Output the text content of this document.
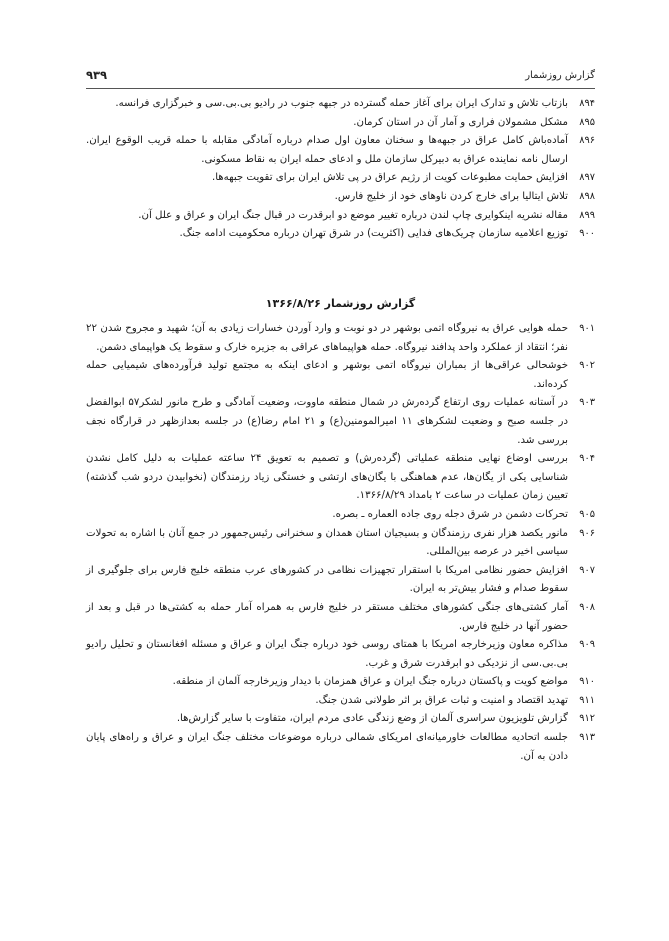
گزارش روزشمار
۹۳۹
۸۹۴
بازتاب تلاش و تدارک ایران برای آغاز حمله گسترده در جبهه جنوب در رادیو بی.بی.سی و خبرگزاری فرانسه.
۸۹۵
مشکل مشمولان فراری و آمار آن در استان کرمان.
۸۹۶
آماده‌باش کامل عراق در جبهه‌ها و سخنان معاون اول صدام درباره آمادگی مقابله با حمله قریب الوقوع ایران. ارسال نامه نماینده عراق به دبیرکل سازمان ملل و ادعای حمله ایران به نقاط مسکونی.
۸۹۷
افزایش حمایت مطبوعات کویت از رژیم عراق در پی تلاش ایران برای تقویت جبهه‌ها.
۸۹۸
تلاش ایتالیا برای خارج کردن ناوهای خود از خلیج فارس.
۸۹۹
مقاله نشریه اینکوایری چاپ لندن درباره تغییر موضع دو ابرقدرت در قبال جنگ ایران و عراق و علل آن.
۹۰۰
توزیع اعلامیه سازمان چریک‌های فدایی (اکثریت) در شرق تهران درباره محکومیت ادامه جنگ.
گزارش روزشمار ۱۳۶۶/۸/۲۶
۹۰۱
حمله هوایی عراق به نیروگاه اتمی بوشهر در دو نوبت و وارد آوردن خسارات زیادی به آن؛ شهید و مجروح شدن ۲۲ نفر؛ انتقاد از عملکرد واحد پدافند نیروگاه. حمله هواپیماهای عراقی به جزیره خارک و سقوط یک هواپیمای دشمن.
۹۰۲
خوشحالی عراقی‌ها از بمباران نیروگاه اتمی بوشهر و ادعای اینکه به مجتمع تولید فرآورده‌های شیمیایی حمله کرده‌اند.
۹۰۳
در آستانه عملیات روی ارتفاع گرده‌رش در شمال منطقه ماووت، وضعیت آمادگی و طرح مانور لشکر۵۷ ابوالفضل در جلسه صبح و وضعیت لشکرهای ۱۱ امیرالمومنین(ع) و ۲۱ امام رضا(ع) در جلسه بعدازظهر در قرارگاه نجف بررسی شد.
۹۰۴
بررسی اوضاع نهایی منطقه عملیاتی (گرده‌رش) و تصمیم به تعویق ۲۴ ساعته عملیات به دلیل کامل نشدن شناسایی یکی از یگان‌ها، عدم هماهنگی با یگان‌های ارتشی و خستگی زیاد رزمندگان (نخوابیدن دردو شب گذشته) تعیین زمان عملیات در ساعت ۲ بامداد ۱۳۶۶/۸/۲۹.
۹۰۵
تحرکات دشمن در شرق دجله روی جاده العماره ـ بصره.
۹۰۶
مانور یکصد هزار نفری رزمندگان و بسیجیان استان همدان و سخنرانی رئیس‌جمهور در جمع آنان با اشاره به تحولات سیاسی اخیر در عرصه بین‌المللی.
۹۰۷
افزایش حضور نظامی امریکا با استقرار تجهیزات نظامی در کشورهای عرب منطقه خلیج فارس برای جلوگیری از سقوط صدام و فشار بیش‌تر به ایران.
۹۰۸
آمار کشتی‌های جنگی کشورهای مختلف مستقر در خلیج فارس به همراه آمار حمله به کشتی‌ها در قبل و بعد از حضور آنها در خلیج فارس.
۹۰۹
مذاکره معاون وزیرخارجه امریکا با همتای روسی خود درباره جنگ ایران و عراق و مسئله افغانستان و تحلیل رادیو بی.بی.سی از نزدیکی دو ابرقدرت شرق و غرب.
۹۱۰
مواضع کویت و پاکستان درباره جنگ ایران و عراق همزمان با دیدار وزیرخارجه آلمان از منطقه.
۹۱۱
تهدید اقتصاد و امنیت و ثبات عراق بر اثر طولانی شدن جنگ.
۹۱۲
گزارش تلویزیون سراسری آلمان از وضع زندگی عادی مردم ایران، متفاوت با سایر گزارش‌ها.
۹۱۳
جلسه اتحادیه مطالعات خاورمیانه‌ای امریکای شمالی درباره موضوعات مختلف جنگ ایران و عراق و راه‌های پایان دادن به آن.
